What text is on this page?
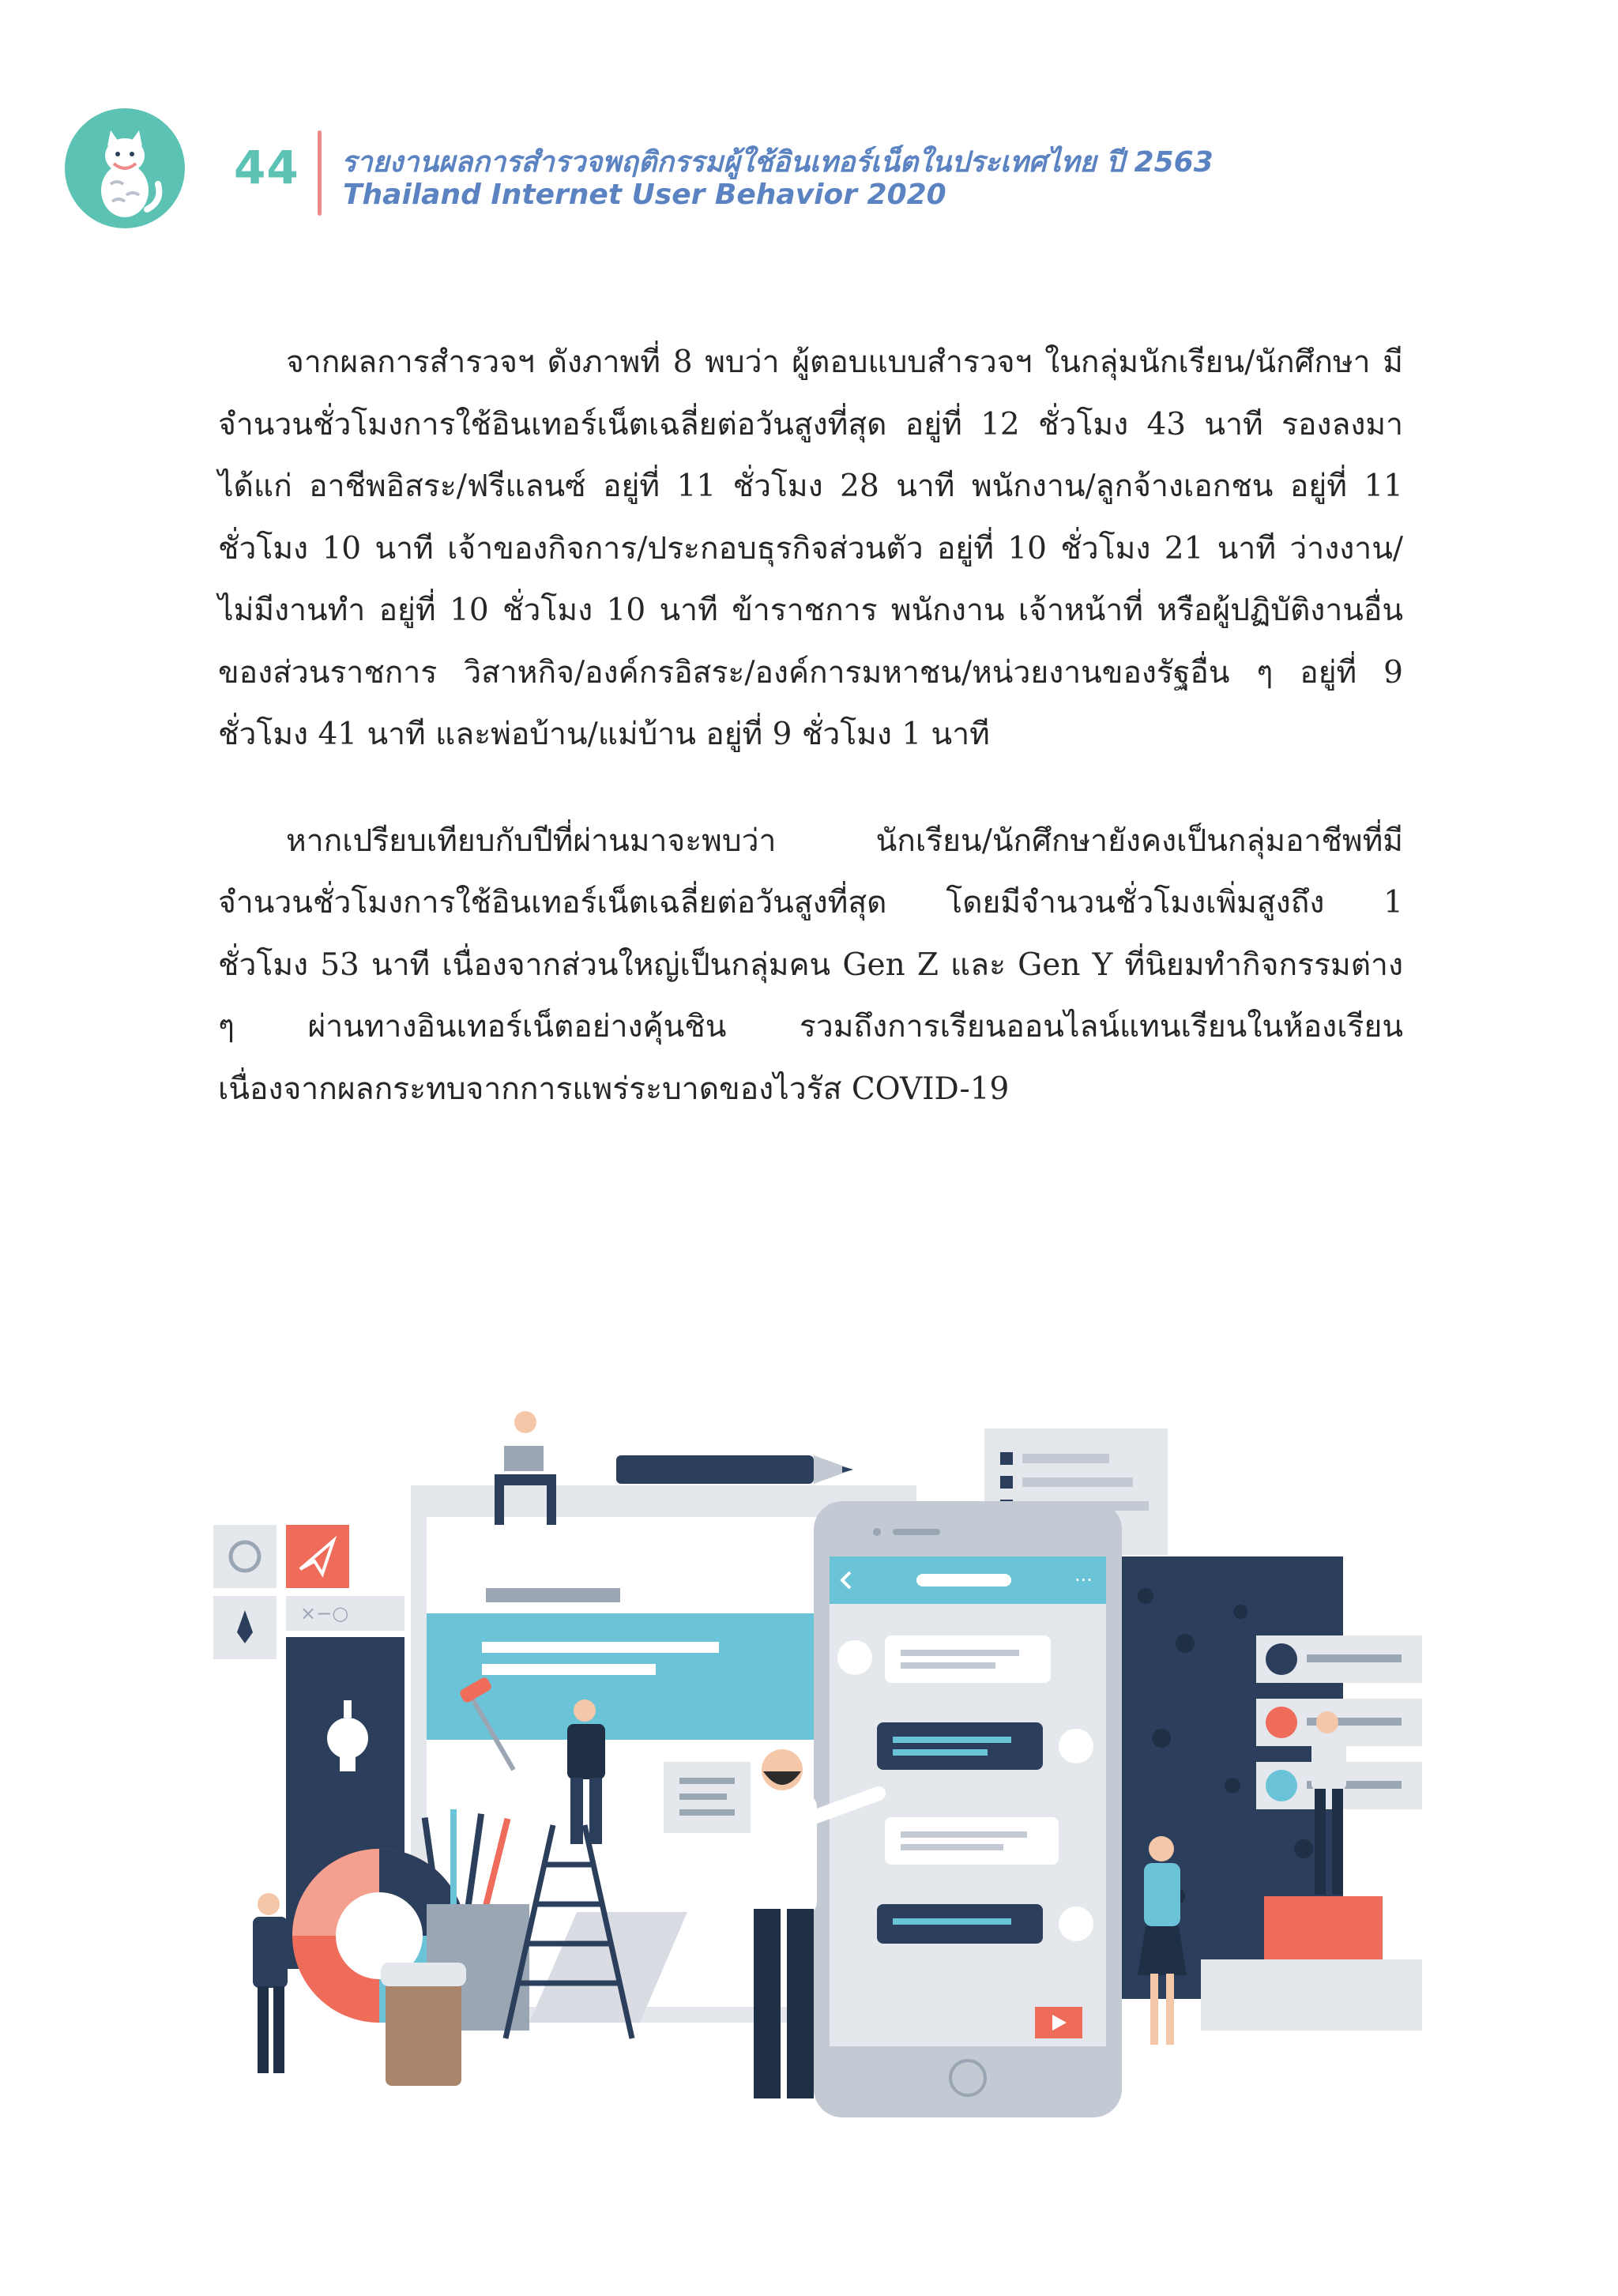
44 รายงานผลการสำรวจพฤติกรรมผู้ใช้อินเทอร์เน็ตในประเทศไทย ปี 2563
Thailand Internet User Behavior 2020

จากผลการสำรวจฯ ดังภาพที่ 8 พบว่า ผู้ตอบแบบสำรวจฯ ในกลุ่มนักเรียน/นักศึกษา มีจำนวนชั่วโมงการใช้อินเทอร์เน็ตเฉลี่ยต่อวันสูงที่สุด อยู่ที่ 12 ชั่วโมง 43 นาที รองลงมา ได้แก่ อาชีพอิสระ/ฟรีแลนซ์ อยู่ที่ 11 ชั่วโมง 28 นาที พนักงาน/ลูกจ้างเอกชน อยู่ที่ 11 ชั่วโมง 10 นาที เจ้าของกิจการ/ประกอบธุรกิจส่วนตัว อยู่ที่ 10 ชั่วโมง 21 นาที ว่างงาน/ไม่มีงานทำ อยู่ที่ 10 ชั่วโมง 10 นาที ข้าราชการ พนักงาน เจ้าหน้าที่ หรือผู้ปฏิบัติงานอื่นของส่วนราชการ วิสาหกิจ/องค์กรอิสระ/องค์การมหาชน/หน่วยงานของรัฐอื่น ๆ อยู่ที่ 9 ชั่วโมง 41 นาที และพ่อบ้าน/แม่บ้าน อยู่ที่ 9 ชั่วโมง 1 นาที

หากเปรียบเทียบกับปีที่ผ่านมาจะพบว่า นักเรียน/นักศึกษายังคงเป็นกลุ่มอาชีพที่มีจำนวนชั่วโมงการใช้อินเทอร์เน็ตเฉลี่ยต่อวันสูงที่สุด โดยมีจำนวนชั่วโมงเพิ่มสูงถึง 1 ชั่วโมง 53 นาที เนื่องจากส่วนใหญ่เป็นกลุ่มคน Gen Z และ Gen Y ที่นิยมทำกิจกรรมต่าง ๆ ผ่านทางอินเทอร์เน็ตอย่างคุ้นชิน รวมถึงการเรียนออนไลน์แทนเรียนในห้องเรียน เนื่องจากผลกระทบจากการแพร่ระบาดของไวรัส COVID-19

×−○
···
